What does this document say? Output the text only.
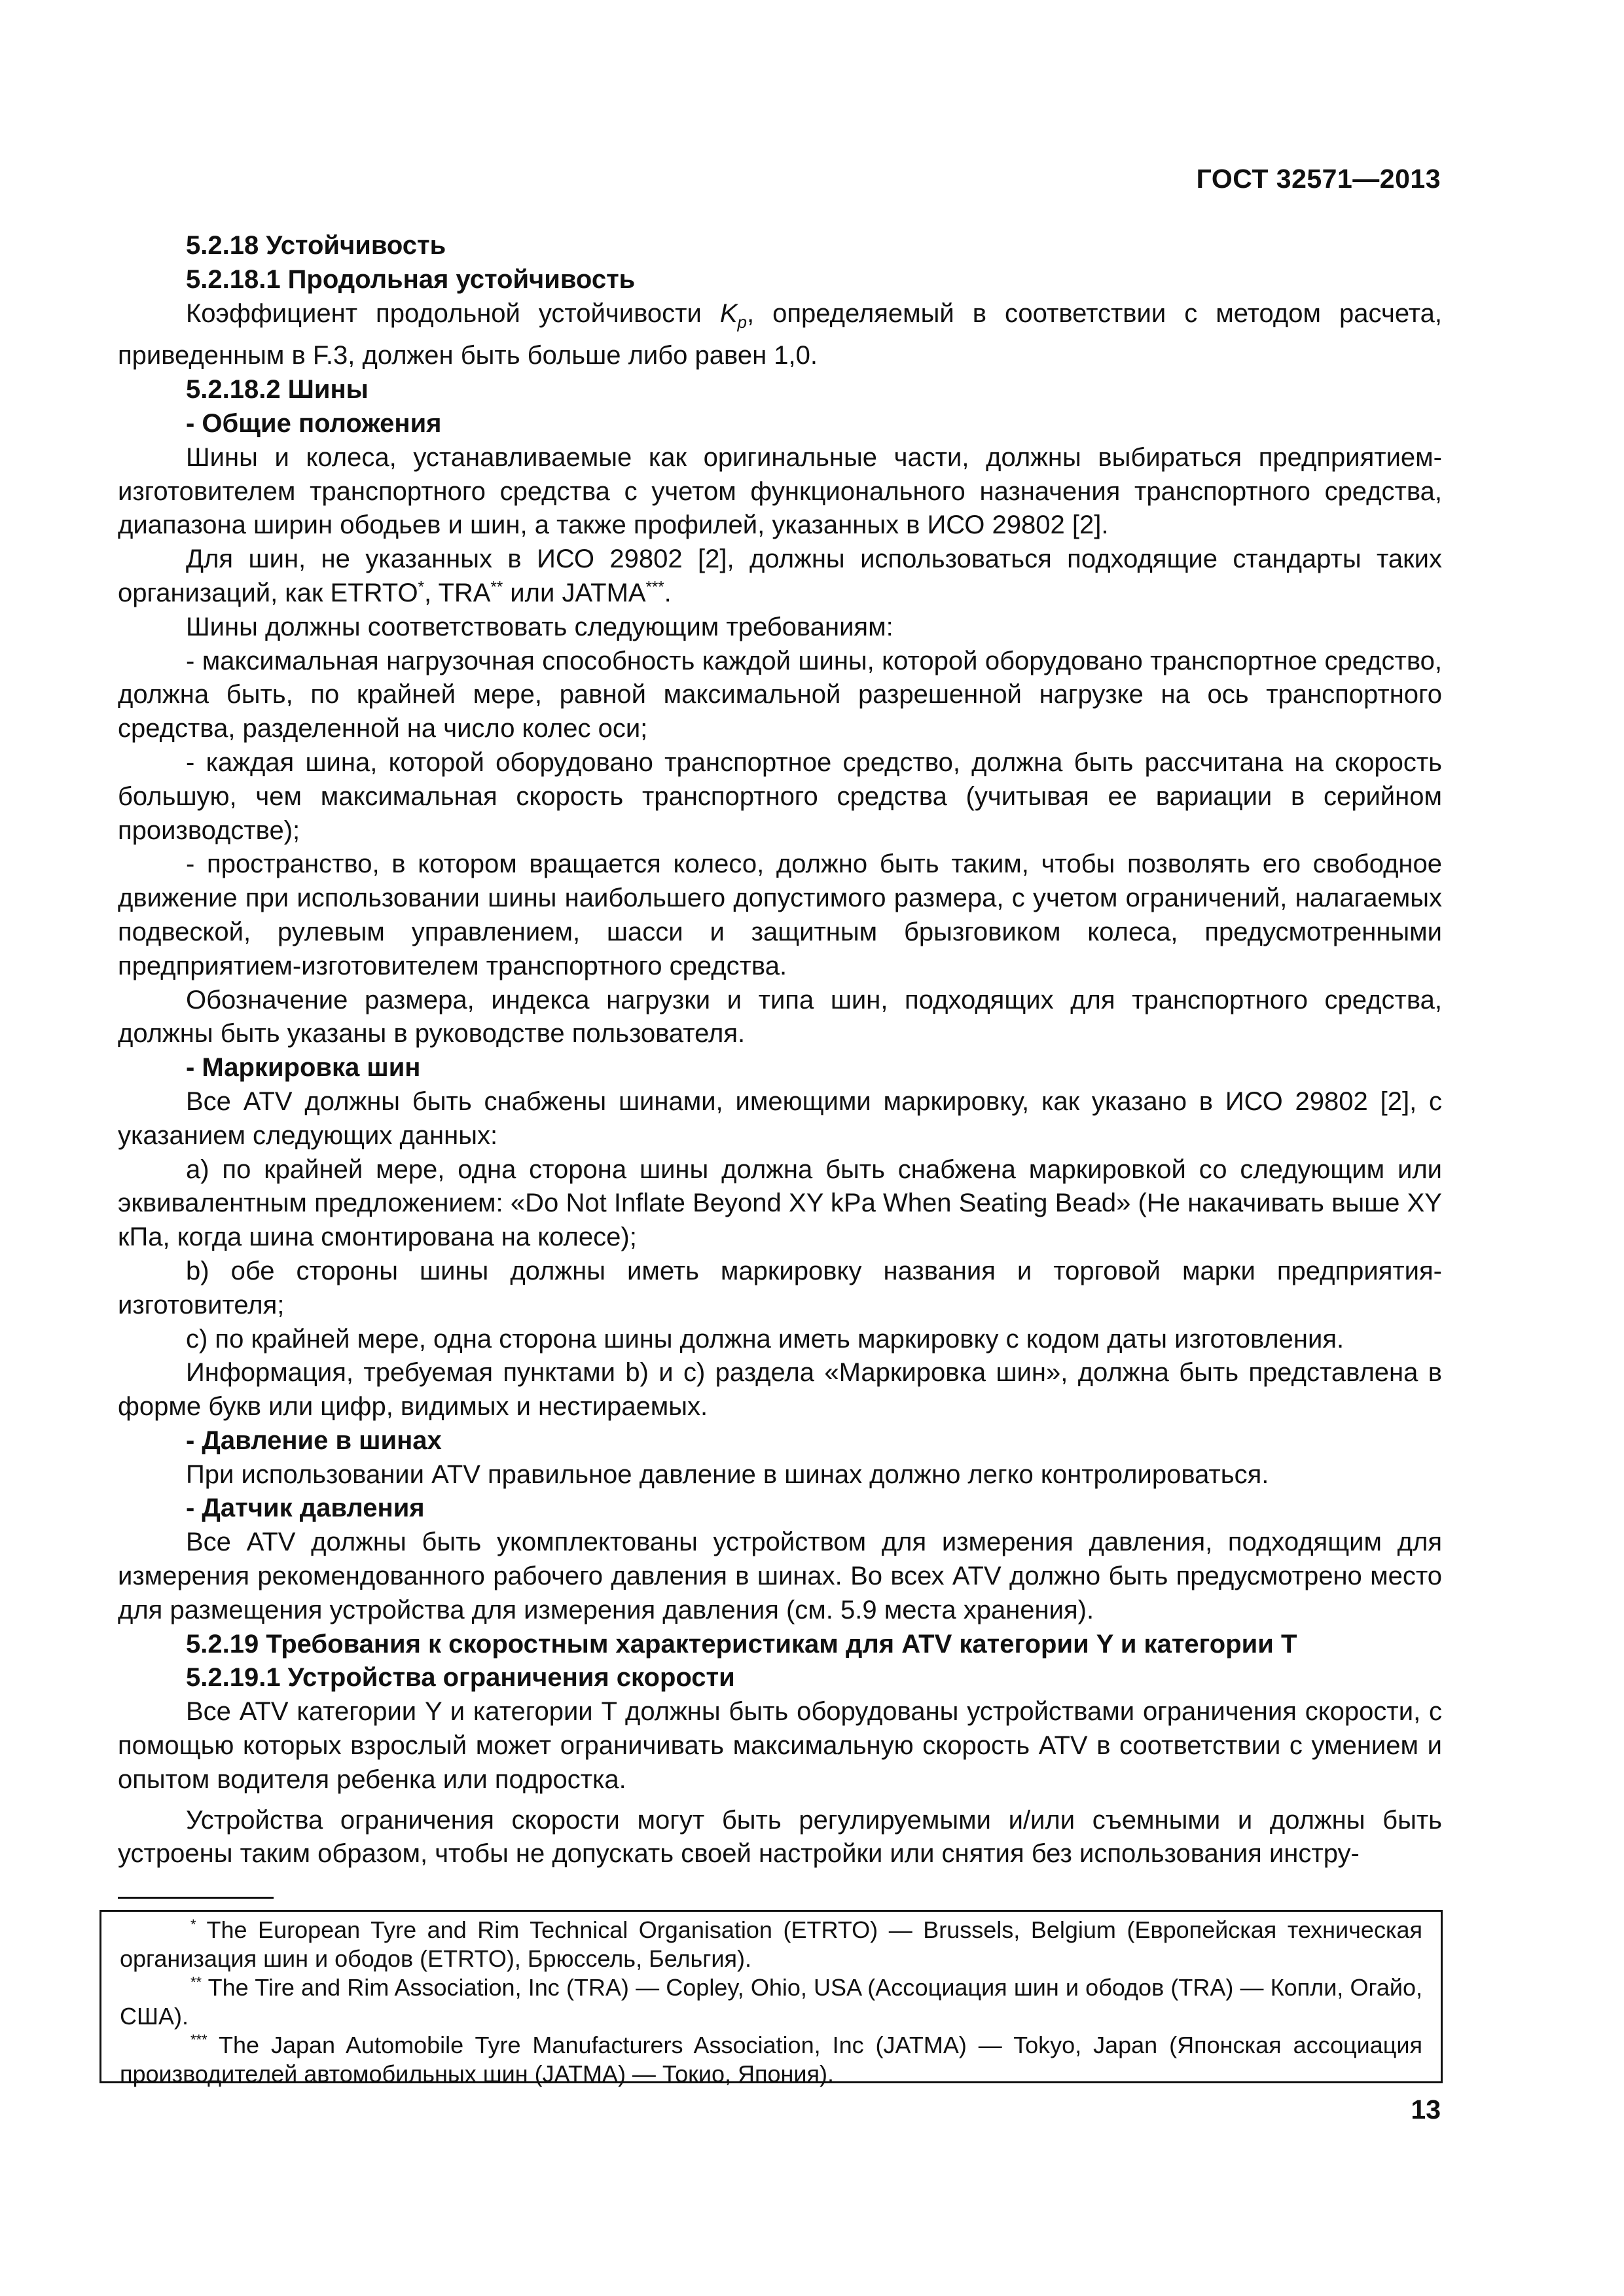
ГОСТ 32571—2013

5.2.18 Устойчивость

5.2.18.1 Продольная устойчивость

Коэффициент продольной устойчивости $K_p$, определяемый в соответствии с методом расчета, приведенным в F.3, должен быть больше либо равен 1,0.

5.2.18.2 Шины

- Общие положения

Шины и колеса, устанавливаемые как оригинальные части, должны выбираться предприятием-изготовителем транспортного средства с учетом функционального назначения транспортного средства, диапазона ширин ободьев и шин, а также профилей, указанных в ИСО 29802 [2].

Для шин, не указанных в ИСО 29802 [2], должны использоваться подходящие стандарты таких организаций, как ETRTO*, TRA** или JATMA***.

Шины должны соответствовать следующим требованиям:

- максимальная нагрузочная способность каждой шины, которой оборудовано транспортное средство, должна быть, по крайней мере, равной максимальной разрешенной нагрузке на ось транспортного средства, разделенной на число колес оси;

- каждая шина, которой оборудовано транспортное средство, должна быть рассчитана на скорость большую, чем максимальная скорость транспортного средства (учитывая ее вариации в серийном производстве);

- пространство, в котором вращается колесо, должно быть таким, чтобы позволять его свободное движение при использовании шины наибольшего допустимого размера, с учетом ограничений, налагаемых подвеской, рулевым управлением, шасси и защитным брызговиком колеса, предусмотренными предприятием-изготовителем транспортного средства.

Обозначение размера, индекса нагрузки и типа шин, подходящих для транспортного средства, должны быть указаны в руководстве пользователя.

- Маркировка шин

Все ATV должны быть снабжены шинами, имеющими маркировку, как указано в ИСО 29802 [2], с указанием следующих данных:

a) по крайней мере, одна сторона шины должна быть снабжена маркировкой со следующим или эквивалентным предложением: «Do Not Inflate Beyond XY kPa When Seating Bead» (Не накачивать выше XY кПа, когда шина смонтирована на колесе);

b) обе стороны шины должны иметь маркировку названия и торговой марки предприятия-изготовителя;

c) по крайней мере, одна сторона шины должна иметь маркировку с кодом даты изготовления.

Информация, требуемая пунктами b) и c) раздела «Маркировка шин», должна быть представлена в форме букв или цифр, видимых и нестираемых.

- Давление в шинах

При использовании ATV правильное давление в шинах должно легко контролироваться.

- Датчик давления

Все ATV должны быть укомплектованы устройством для измерения давления, подходящим для измерения рекомендованного рабочего давления в шинах. Во всех ATV должно быть предусмотрено место для размещения устройства для измерения давления (см. 5.9 места хранения).

5.2.19 Требования к скоростным характеристикам для ATV категории Y и категории T

5.2.19.1 Устройства ограничения скорости

Все ATV категории Y и категории T должны быть оборудованы устройствами ограничения скорости, с помощью которых взрослый может ограничивать максимальную скорость ATV в соответствии с умением и опытом водителя ребенка или подростка.

Устройства ограничения скорости могут быть регулируемыми и/или съемными и должны быть устроены таким образом, чтобы не допускать своей настройки или снятия без использования инстру-

* The European Tyre and Rim Technical Organisation (ETRTO) — Brussels, Belgium (Европейская техническая организация шин и ободов (ETRTO), Брюссель, Бельгия).

** The Tire and Rim Association, Inc (TRA) — Copley, Ohio, USA (Ассоциация шин и ободов (TRA) — Копли, Огайо, США).

*** The Japan Automobile Tyre Manufacturers Association, Inc (JATMA) — Tokyo, Japan (Японская ассоциация производителей автомобильных шин (JATMA) — Токио, Япония).

13
